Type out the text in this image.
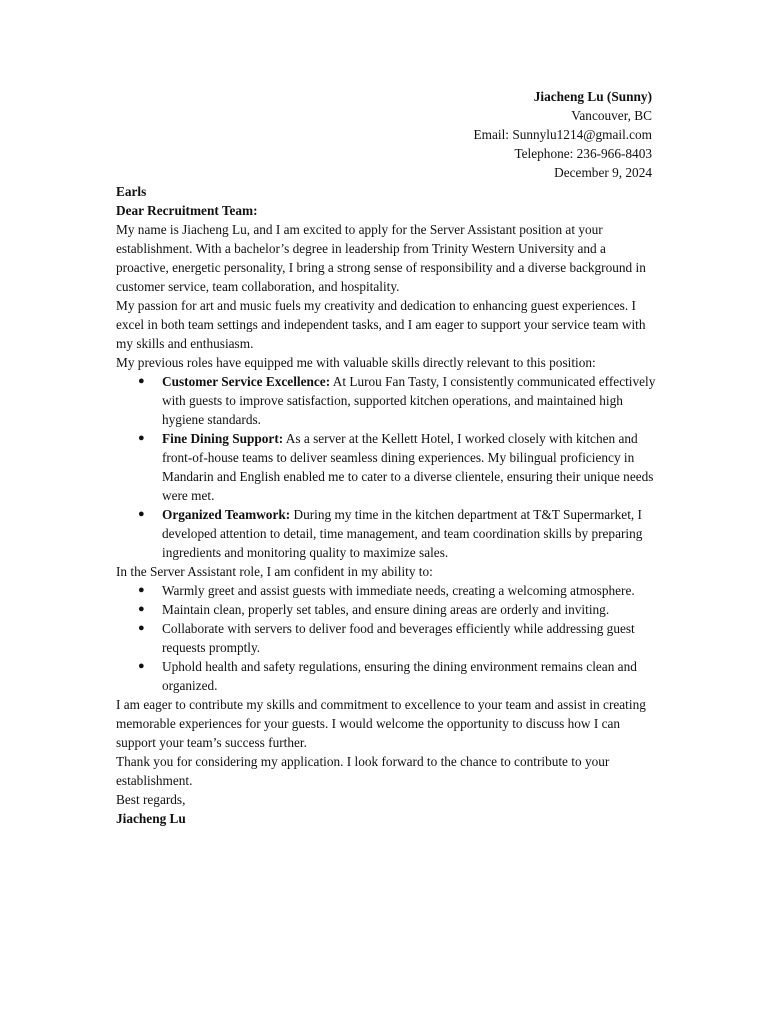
Jiacheng Lu (Sunny)
Vancouver, BC
Email: Sunnylu1214@gmail.com
Telephone: 236-966-8403
December 9, 2024

Earls

Dear Recruitment Team:

My name is Jiacheng Lu, and I am excited to apply for the Server Assistant position at your establishment. With a bachelor’s degree in leadership from Trinity Western University and a proactive, energetic personality, I bring a strong sense of responsibility and a diverse background in customer service, team collaboration, and hospitality.

My passion for art and music fuels my creativity and dedication to enhancing guest experiences. I excel in both team settings and independent tasks, and I am eager to support your service team with my skills and enthusiasm.

My previous roles have equipped me with valuable skills directly relevant to this position:

● Customer Service Excellence: At Lurou Fan Tasty, I consistently communicated effectively with guests to improve satisfaction, supported kitchen operations, and maintained high hygiene standards.
● Fine Dining Support: As a server at the Kellett Hotel, I worked closely with kitchen and front-of-house teams to deliver seamless dining experiences. My bilingual proficiency in Mandarin and English enabled me to cater to a diverse clientele, ensuring their unique needs were met.
● Organized Teamwork: During my time in the kitchen department at T&T Supermarket, I developed attention to detail, time management, and team coordination skills by preparing ingredients and monitoring quality to maximize sales.

In the Server Assistant role, I am confident in my ability to:

● Warmly greet and assist guests with immediate needs, creating a welcoming atmosphere.
● Maintain clean, properly set tables, and ensure dining areas are orderly and inviting.
● Collaborate with servers to deliver food and beverages efficiently while addressing guest requests promptly.
● Uphold health and safety regulations, ensuring the dining environment remains clean and organized.

I am eager to contribute my skills and commitment to excellence to your team and assist in creating memorable experiences for your guests. I would welcome the opportunity to discuss how I can support your team’s success further.

Thank you for considering my application. I look forward to the chance to contribute to your establishment.

Best regards,

Jiacheng Lu
